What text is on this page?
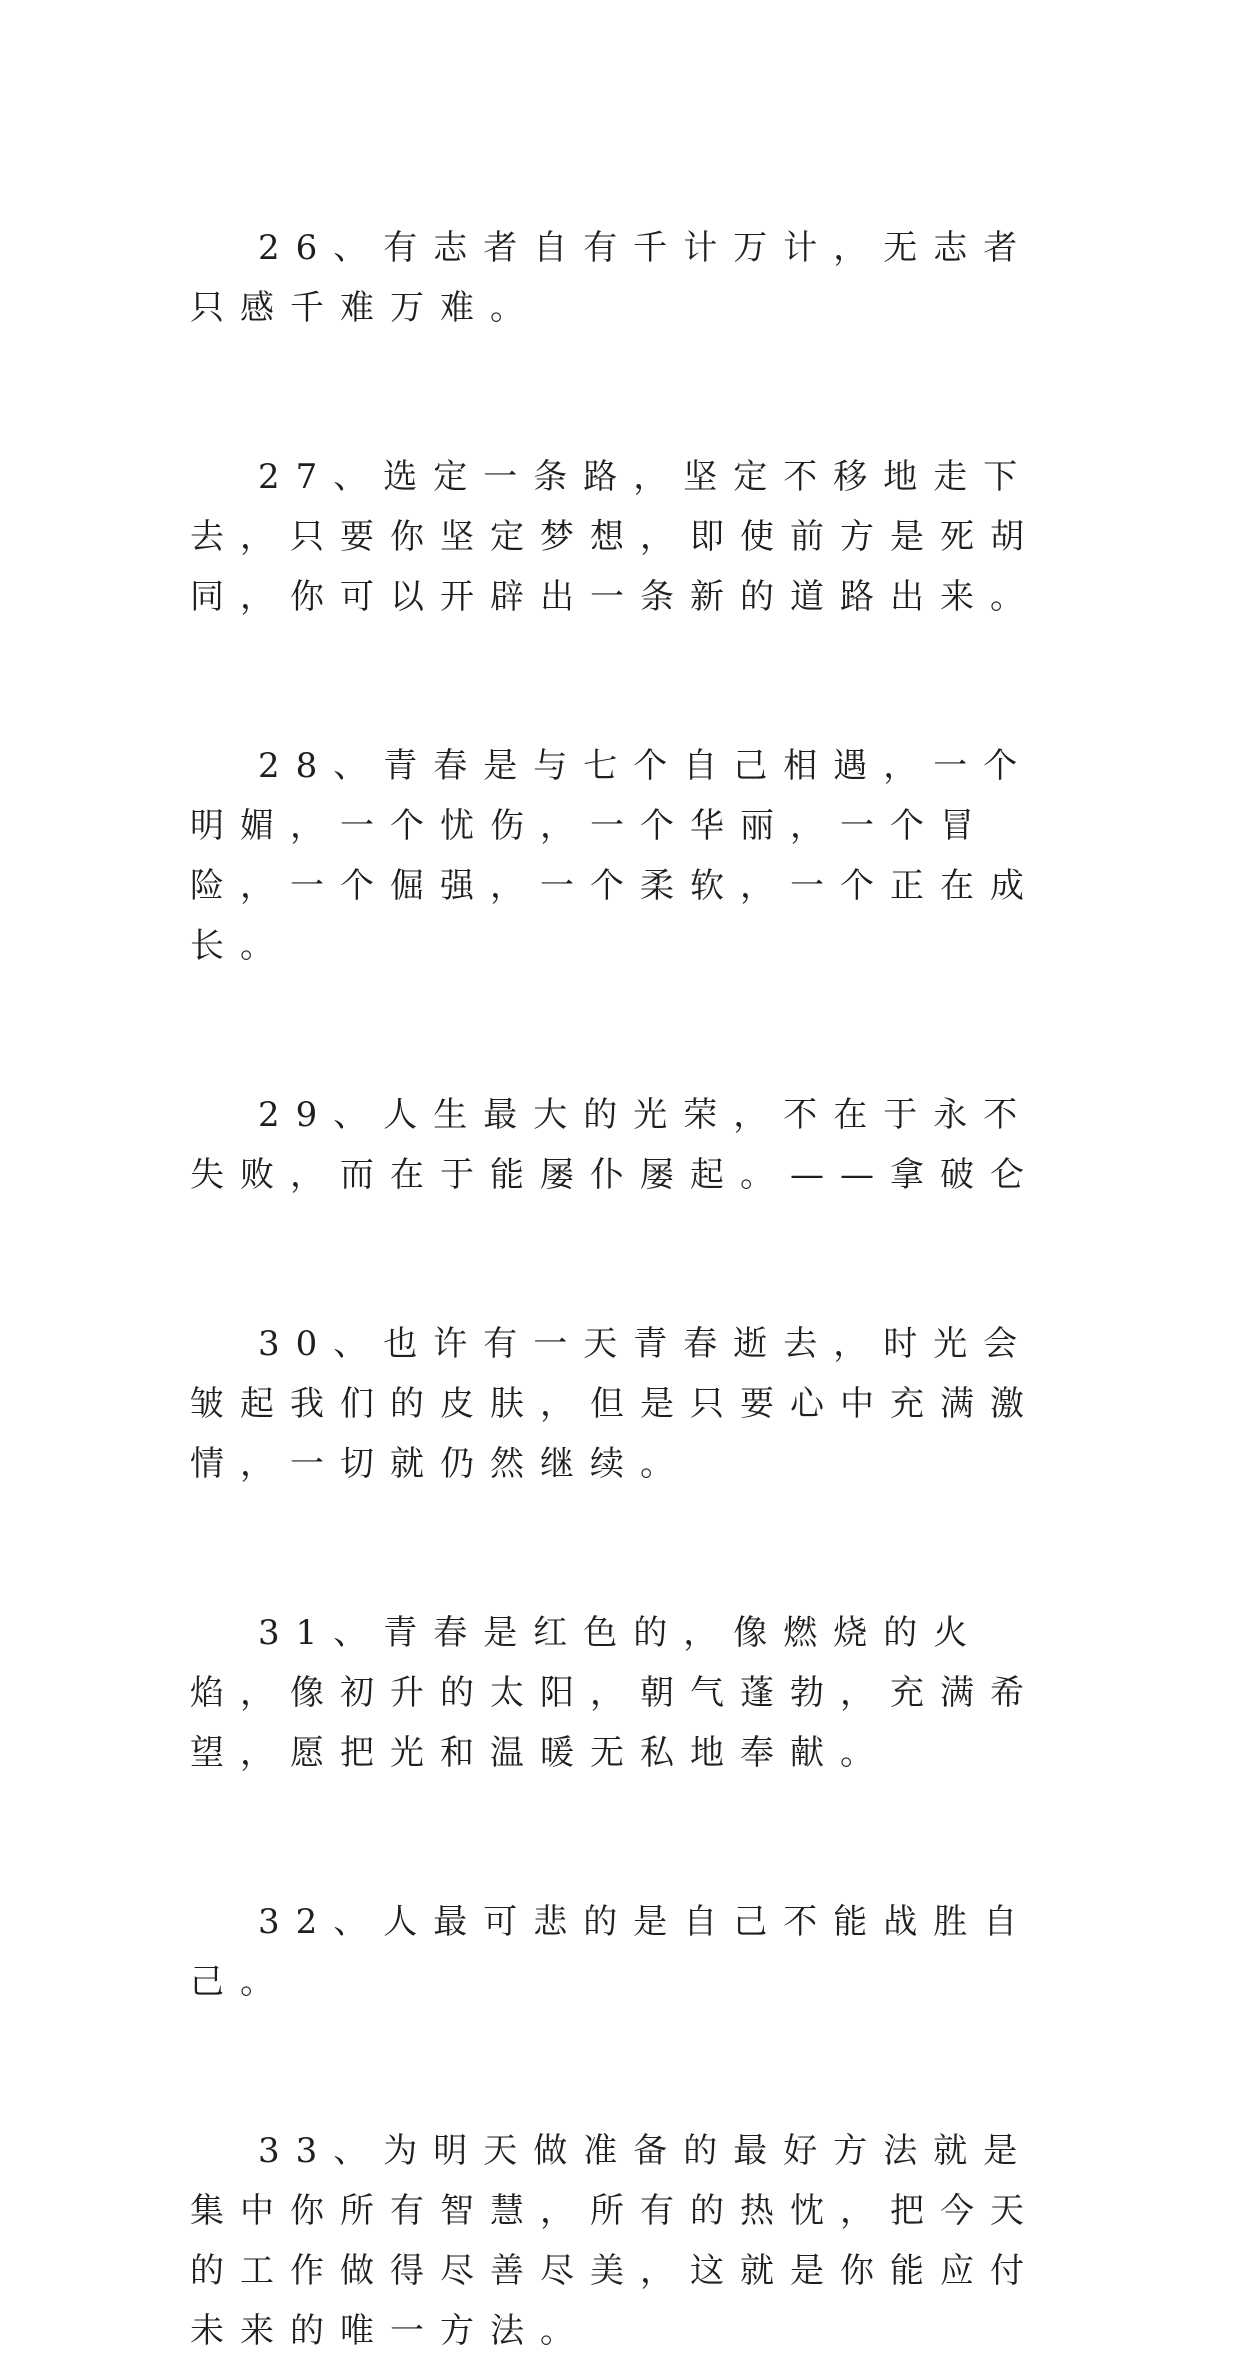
26、有志者自有千计万计，无志者只感千难万难。

27、选定一条路，坚定不移地走下去，只要你坚定梦想，即使前方是死胡同，你可以开辟出一条新的道路出来。

28、青春是与七个自己相遇，一个明媚，一个忧伤，一个华丽，一个冒险，一个倔强，一个柔软，一个正在成长。

29、人生最大的光荣，不在于永不失败，而在于能屡仆屡起。——拿破仑

30、也许有一天青春逝去，时光会皱起我们的皮肤，但是只要心中充满激情，一切就仍然继续。

31、青春是红色的，像燃烧的火焰，像初升的太阳，朝气蓬勃，充满希望，愿把光和温暖无私地奉献。

32、人最可悲的是自己不能战胜自己。

33、为明天做准备的最好方法就是集中你所有智慧，所有的热忱，把今天的工作做得尽善尽美，这就是你能应付未来的唯一方法。
